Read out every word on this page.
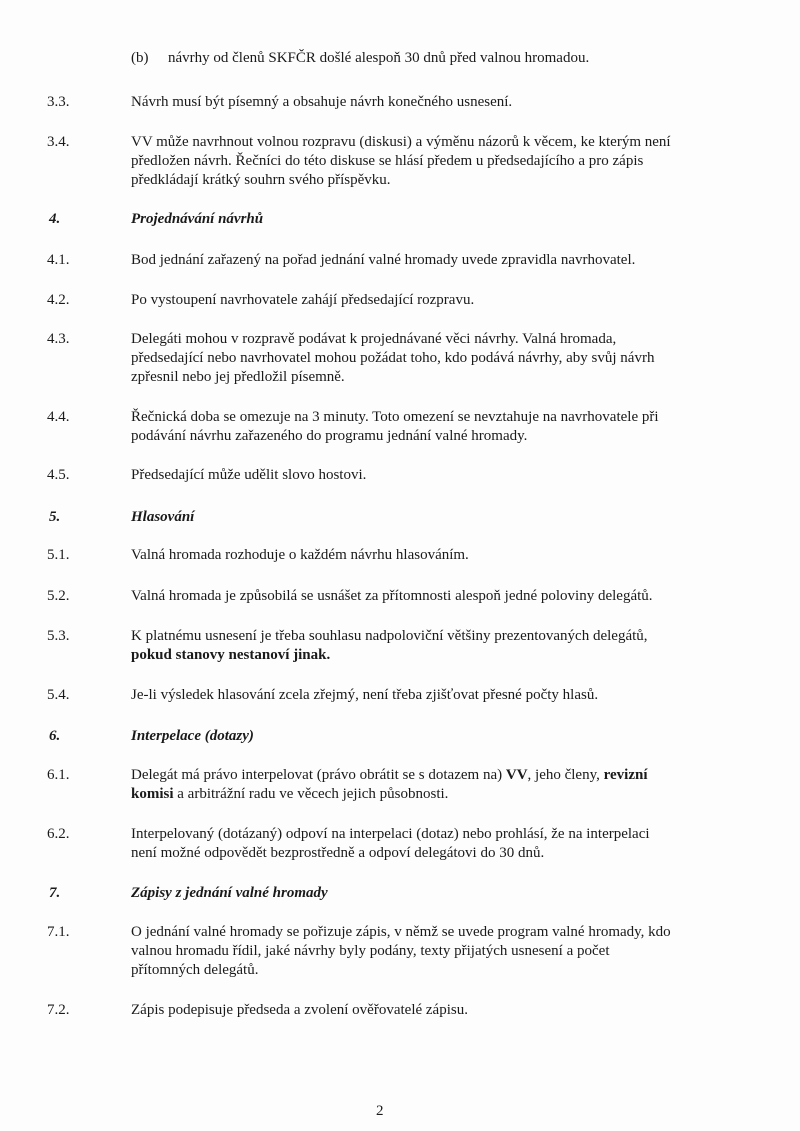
(b) návrhy od členů SKFČR došlé alespoň 30 dnů před valnou hromadou.
3.3.	Návrh musí být písemný a obsahuje návrh konečného usnesení.
3.4.	VV může navrhnout volnou rozpravu (diskusi) a výměnu názorů k věcem, ke kterým není
předložen návrh. Řečníci do této diskuse se hlásí předem u předsedajícího a pro zápis
předkládají krátký souhrn svého příspěvku.
4.	Projednávání návrhů
4.1.	Bod jednání zařazený na pořad jednání valné hromady uvede zpravidla navrhovatel.
4.2.	Po vystoupení navrhovatele zahájí předsedající rozpravu.
4.3.	Delegáti mohou v rozpravě podávat k projednávané věci návrhy. Valná hromada,
předsedající nebo navrhovatel mohou požádat toho, kdo podává návrhy, aby svůj návrh
zpřesnil nebo jej předložil písemně.
4.4.	Řečnická doba se omezuje na 3 minuty. Toto omezení se nevztahuje na navrhovatele při
podávání návrhu zařazeného do programu jednání valné hromady.
4.5.	Předsedající může udělit slovo hostovi.
5.	Hlasování
5.1.	Valná hromada rozhoduje o každém návrhu hlasováním.
5.2.	Valná hromada je způsobilá se usnášet za přítomnosti alespoň jedné poloviny delegátů.
5.3.	K platnému usnesení je třeba souhlasu nadpoloviční většiny prezentovaných delegátů,
pokud stanovy nestanoví jinak.
5.4.	Je-li výsledek hlasování zcela zřejmý, není třeba zjišťovat přesné počty hlasů.
6.	Interpelace (dotazy)
6.1.	Delegát má právo interpelovat (právo obrátit se s dotazem na) VV, jeho členy, revizní
komisi a arbitrážní radu ve věcech jejich působnosti.
6.2.	Interpelovaný (dotázaný) odpoví na interpelaci (dotaz) nebo prohlásí, že na interpelaci
není možné odpovědět bezprostředně a odpoví delegátovi do 30 dnů.
7.	Zápisy z jednání valné hromady
7.1.	O jednání valné hromady se pořizuje zápis, v němž se uvede program valné hromady, kdo
valnou hromadu řídil, jaké návrhy byly podány, texty přijatých usnesení a počet
přítomných delegátů.
7.2.	Zápis podepisuje předseda a zvolení ověřovatelé zápisu.
2
